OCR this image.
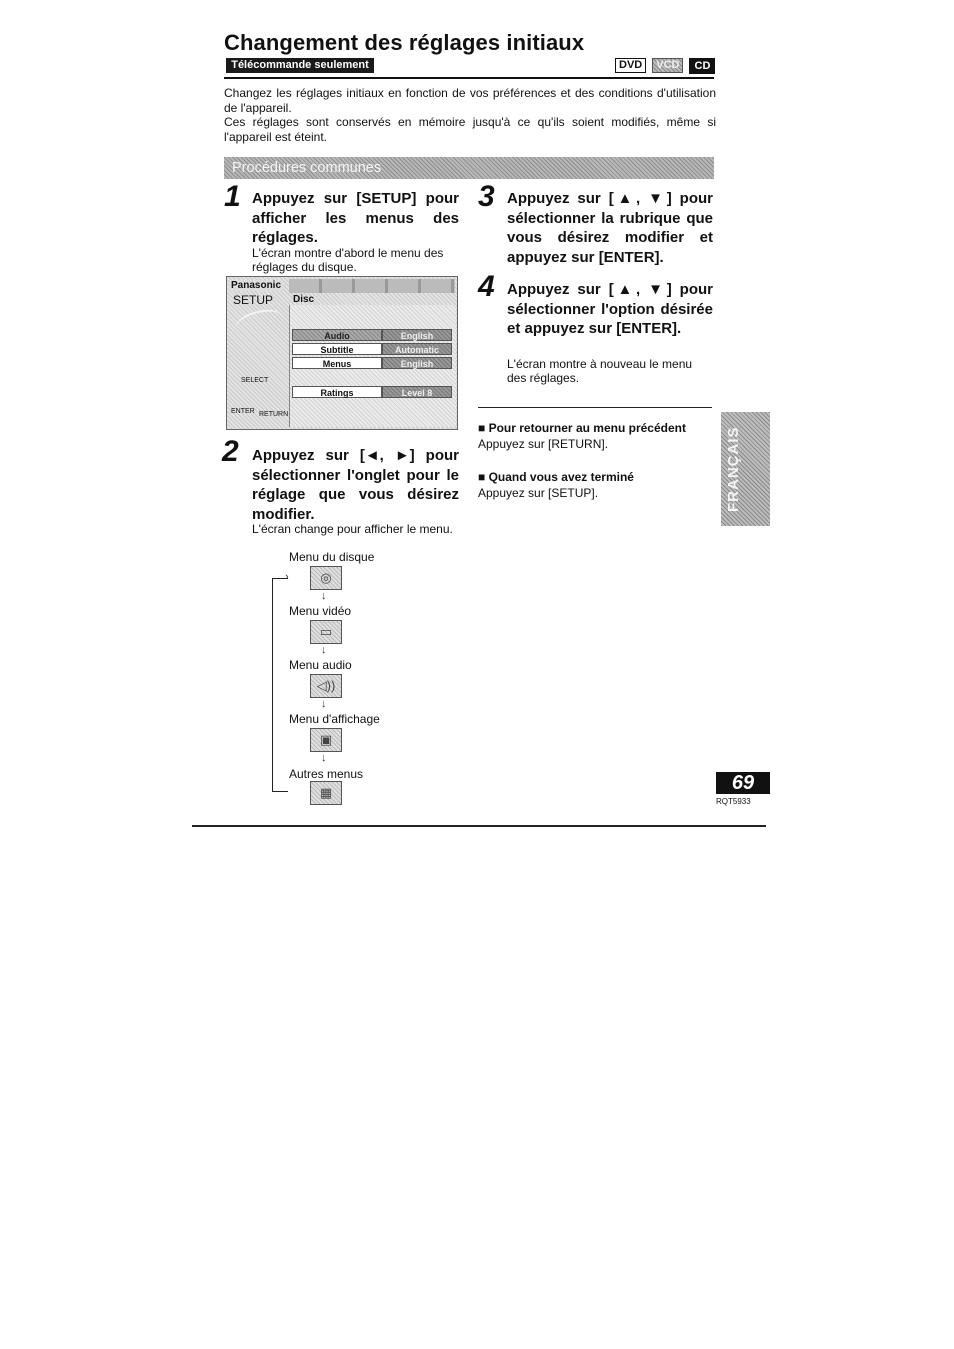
Changement des réglages initiaux
Télécommande seulement	DVD	VCD	CD

Changez les réglages initiaux en fonction de vos préférences et des conditions d'utilisation de l'appareil.

Ces réglages sont conservés en mémoire jusqu'à ce qu'ils soient modifiés, même si l'appareil est éteint.

Procédures communes
1 Appuyez sur [SETUP] pour afficher les menus des réglages.
L'écran montre d'abord le menu des réglages du disque.
Panasonic
SETUP Disc
Audio	English
Subtitle	Automatic
Menus	English
Ratings	Level 8
SELECT
ENTER RETURN
2 Appuyez sur [◄, ►] pour sélectionner l'onglet pour le réglage que vous désirez modifier.
L'écran change pour afficher le menu.
›
Menu du disque
◎
↓
Menu vidéo
▭
↓
Menu audio
◁))
↓
Menu d'affichage
▣
↓
Autres menus
▦
3 Appuyez sur [▲, ▼] pour sélectionner la rubrique que vous désirez modifier et appuyez sur [ENTER].
4 Appuyez sur [▲, ▼] pour sélectionner l'option désirée et appuyez sur [ENTER].
L'écran montre à nouveau le menu des réglages.
■ Pour retourner au menu précédent
Appuyez sur [RETURN].
■ Quand vous avez terminé
Appuyez sur [SETUP].	FRANÇAIS
69
RQT5933
